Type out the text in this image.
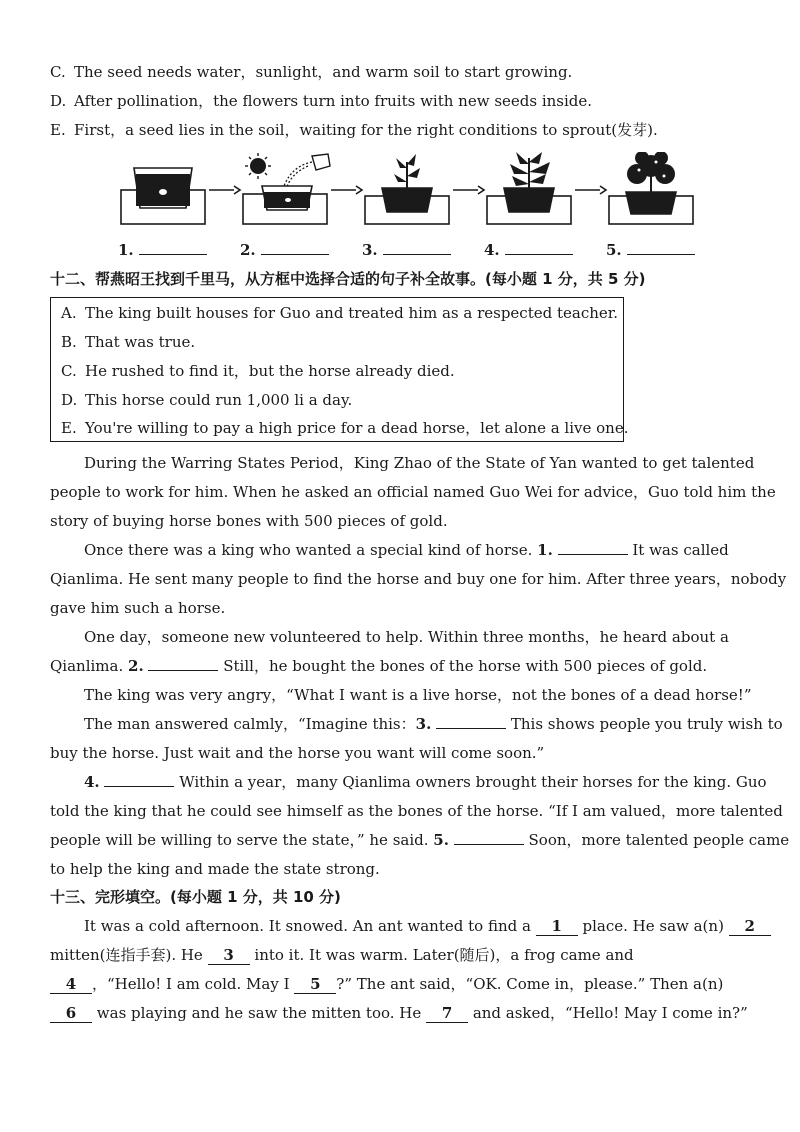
C. The seed needs water，sunlight，and warm soil to start growing.
D. After pollination，the flowers turn into fruits with new seeds inside.
E. First，a seed lies in the soil，waiting for the right conditions to sprout(发芽).
1.	2.	3.	4.	5.
十二、帮燕昭王找到千里马，从方框中选择合适的句子补全故事。(每小题 1 分，共 5 分)
A. The king built houses for Guo and treated him as a respected teacher.
B. That was true.
C. He rushed to find it，but the horse already died.
D. This horse could run 1,000 li a day.
E. You're willing to pay a high price for a dead horse，let alone a live one.
During the Warring States Period，King Zhao of the State of Yan wanted to get talented
people to work for him. When he asked an official named Guo Wei for advice，Guo told him the
story of buying horse bones with 500 pieces of gold.
Once there was a king who wanted a special kind of horse. 1.	It was called
Qianlima. He sent many people to find the horse and buy one for him. After three years，nobody
gave him such a horse.
One day，someone new volunteered to help. Within three months，he heard about a
Qianlima. 2.	Still，he bought the bones of the horse with 500 pieces of gold.
The king was very angry，“What I want is a live horse，not the bones of a dead horse!”
The man answered calmly，“Imagine this：3.	This shows people you truly wish to
buy the horse. Just wait and the horse you want will come soon.”
4.	Within a year，many Qianlima owners brought their horses for the king. Guo
told the king that he could see himself as the bones of the horse. “If I am valued，more talented
people will be willing to serve the state，” he said. 5.	Soon，more talented people came
to help the king and made the state strong.
十三、完形填空。(每小题 1 分，共 10 分)
It was a cold afternoon. It snowed. An ant wanted to find a 1 place. He saw a(n) 2
mitten(连指手套). He 3 into it. It was warm. Later(随后)，a frog came and
4 ，“Hello! I am cold. May I 5 ?” The ant said，“OK. Come in，please.” Then a(n)
6 was playing and he saw the mitten too. He 7 and asked，“Hello! May I come in?”
